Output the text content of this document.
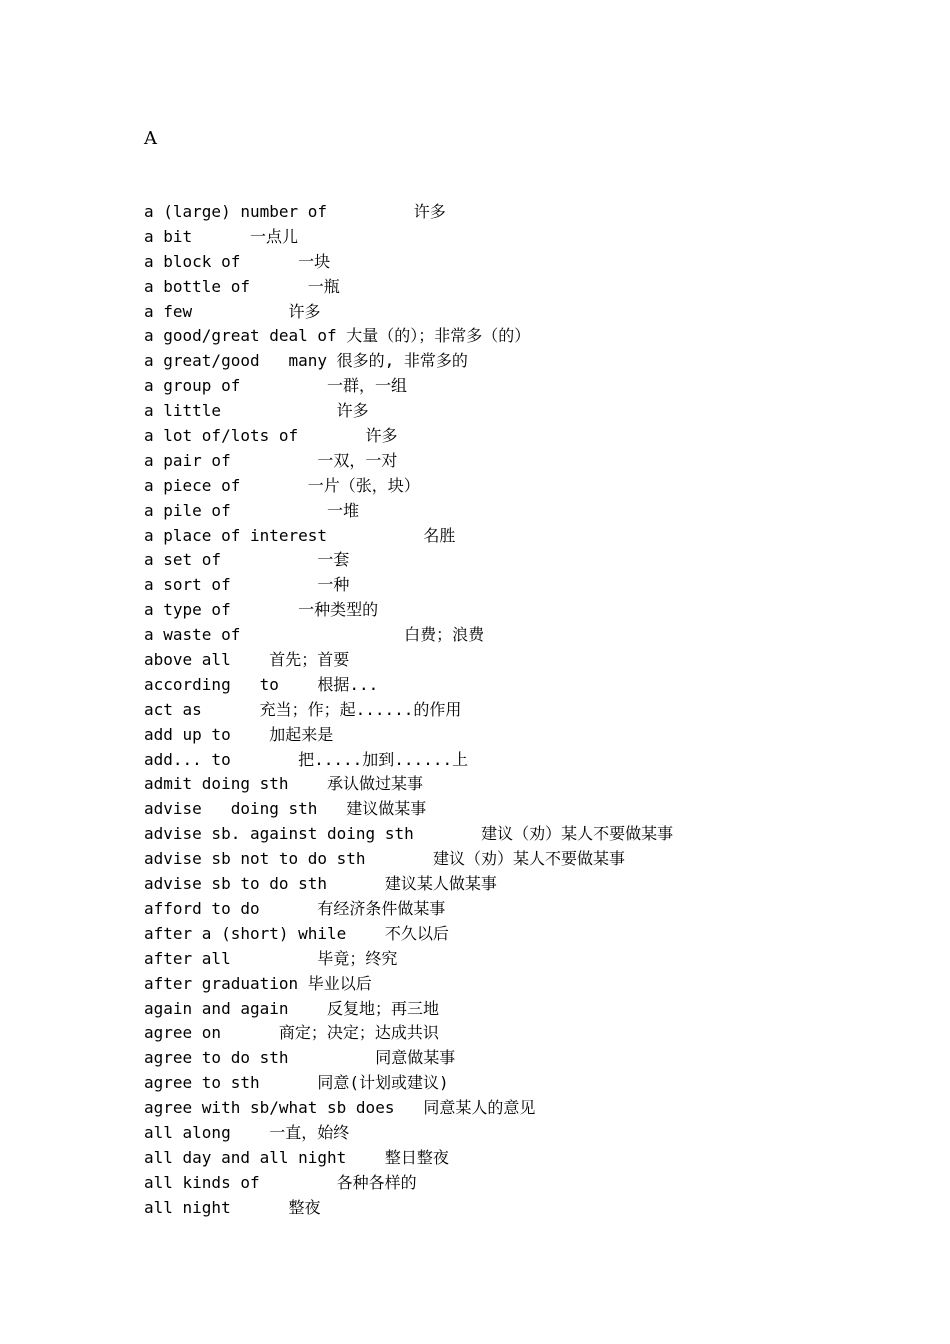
A
a (large) number of         许多
a bit      一点儿
a block of      一块
a bottle of      一瓶
a few          许多
a good/great deal of 大量（的）；非常多（的）
a great/good   many 很多的, 非常多的
a group of         一群，一组
a little            许多
a lot of/lots of       许多
a pair of         一双，一对
a piece of       一片（张，块）
a pile of          一堆
a place of interest          名胜
a set of          一套
a sort of         一种
a type of       一种类型的
a waste of                 白费；浪费
above all    首先；首要
according   to    根据...
act as      充当；作；起......的作用
add up to    加起来是
add... to       把.....加到......上
admit doing sth    承认做过某事
advise   doing sth   建议做某事
advise sb. against doing sth       建议（劝）某人不要做某事
advise sb not to do sth       建议（劝）某人不要做某事
advise sb to do sth      建议某人做某事
afford to do      有经济条件做某事
after a (short) while    不久以后
after all         毕竟；终究
after graduation 毕业以后
again and again    反复地；再三地
agree on      商定；决定；达成共识
agree to do sth         同意做某事
agree to sth      同意(计划或建议)
agree with sb/what sb does   同意某人的意见
all along    一直，始终
all day and all night    整日整夜
all kinds of        各种各样的
all night      整夜
